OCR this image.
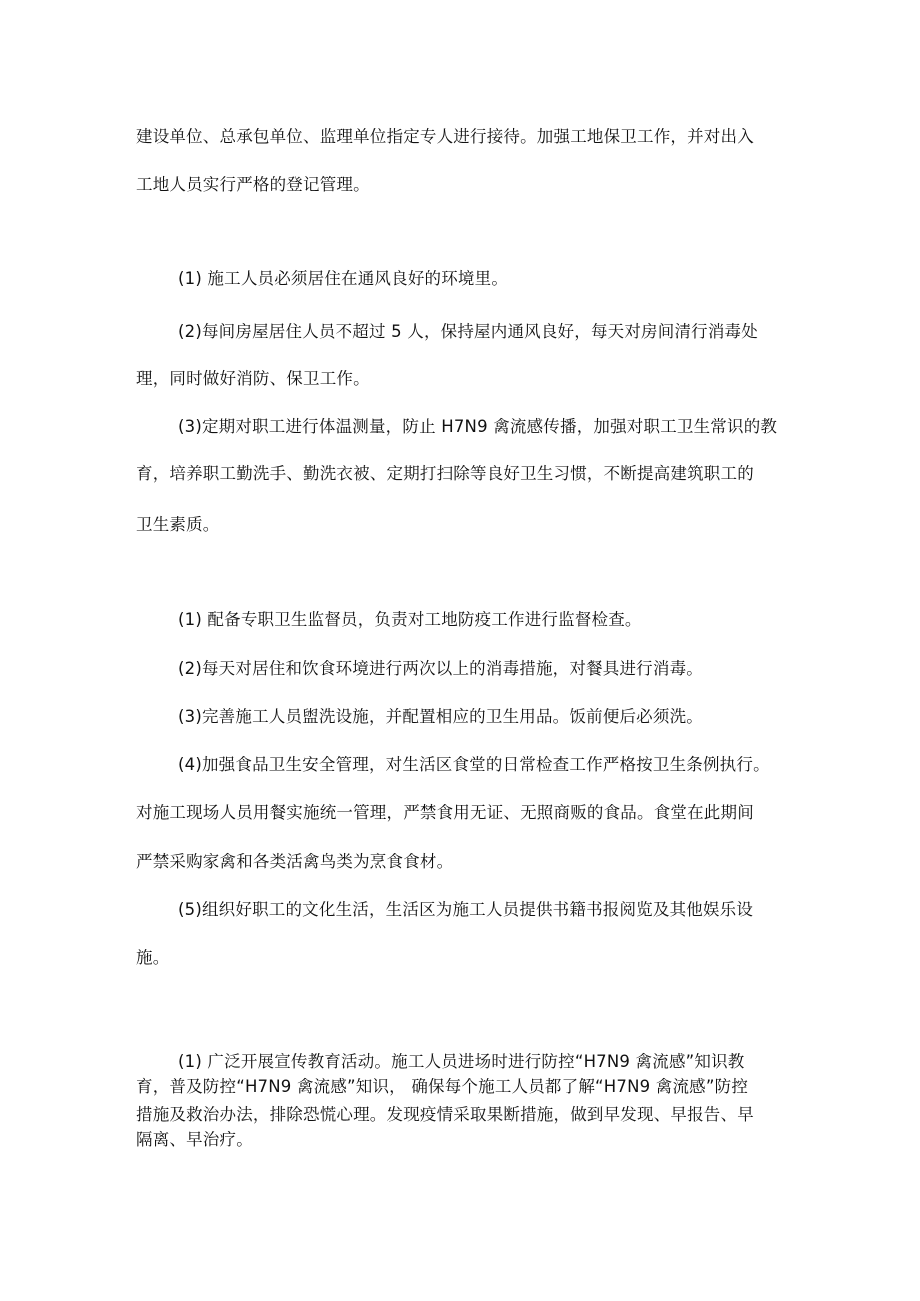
建设单位、总承包单位、监理单位指定专人进行接待。加强工地保卫工作，并对出入
工地人员实行严格的登记管理。
(1) 施工人员必须居住在通风良好的环境里。
(2)每间房屋居住人员不超过 5 人，保持屋内通风良好，每天对房间清行消毒处
理，同时做好消防、保卫工作。
(3)定期对职工进行体温测量，防止 H7N9 禽流感传播，加强对职工卫生常识的教
育，培养职工勤洗手、勤洗衣被、定期打扫除等良好卫生习惯，不断提高建筑职工的
卫生素质。
(1) 配备专职卫生监督员，负责对工地防疫工作进行监督检查。
(2)每天对居住和饮食环境进行两次以上的消毒措施，对餐具进行消毒。
(3)完善施工人员盥洗设施，并配置相应的卫生用品。饭前便后必须洗。
(4)加强食品卫生安全管理，对生活区食堂的日常检查工作严格按卫生条例执行。
对施工现场人员用餐实施统一管理，严禁食用无证、无照商贩的食品。食堂在此期间
严禁采购家禽和各类活禽鸟类为烹食食材。
(5)组织好职工的文化生活，生活区为施工人员提供书籍书报阅览及其他娱乐设
施。
(1) 广泛开展宣传教育活动。施工人员进场时进行防控“H7N9 禽流感”知识教
育，普及防控“H7N9 禽流感”知识， 确保每个施工人员都了解“H7N9 禽流感”防控
措施及救治办法，排除恐慌心理。发现疫情采取果断措施，做到早发现、早报告、早
隔离、早治疗。
